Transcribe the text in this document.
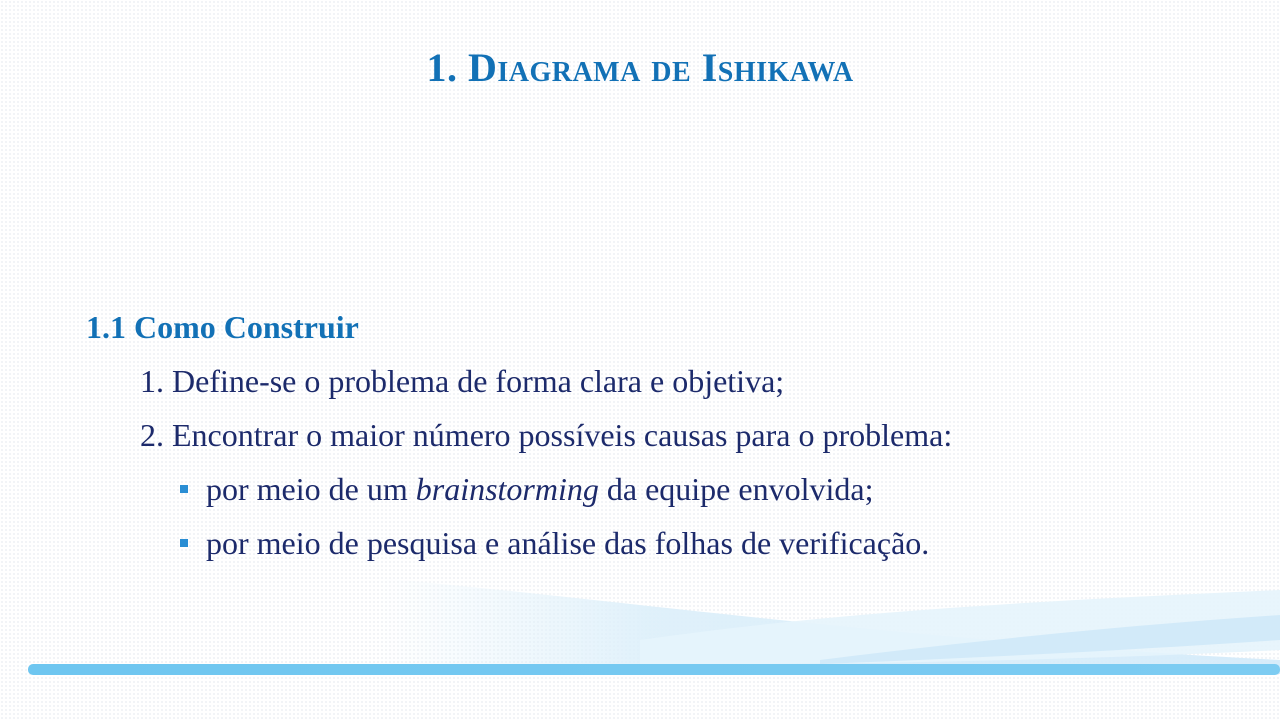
1. Diagrama de Ishikawa
1.1 Como Construir
1. Define-se o problema de forma clara e objetiva;
2. Encontrar o maior número possíveis causas para o problema:
por meio de um brainstorming da equipe envolvida;
por meio de pesquisa e análise das folhas de verificação.
